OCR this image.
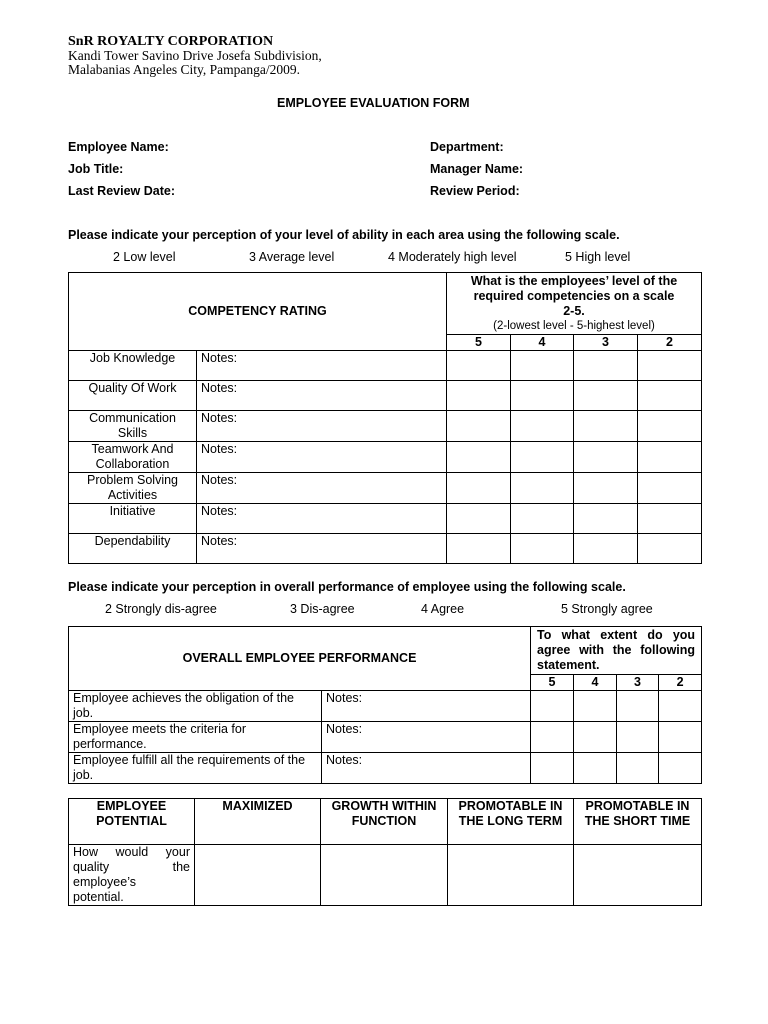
SnR ROYALTY CORPORATION
Kandi Tower Savino Drive Josefa Subdivision,
Malabanias Angeles City, Pampanga/2009.
EMPLOYEE EVALUATION FORM
Employee Name:	Department:
Job Title:	Manager Name:
Last Review Date:	Review Period:
Please indicate your perception of your level of ability in each area using the following scale.
2 Low level	3 Average level	4 Moderately high level	5 High level
COMPETENCY RATING		What is the employees’ level of the
required competencies on a scale
2-5.
(2-lowest level - 5-highest level)			

		5	4	3	2
Job Knowledge	Notes:				
Quality Of Work	Notes:				
Communication Skills	Notes:				
Teamwork And Collaboration	Notes:				
Problem Solving Activities	Notes:				
Initiative	Notes:				
Dependability	Notes:				
Please indicate your perception in overall performance of employee using the following scale.
2 Strongly dis-agree	3 Dis-agree	4 Agree	5 Strongly agree
OVERALL EMPLOYEE PERFORMANCE		To what extent do you agree with the following statement.			
		5	4	3	2
Employee achieves the obligation of the job.	Notes:				
Employee meets the criteria for performance.	Notes:				
Employee fulfill all the requirements of the job.	Notes:				
EMPLOYEE POTENTIAL	MAXIMIZED	GROWTH WITHIN FUNCTION	PROMOTABLE IN THE LONG TERM	PROMOTABLE IN THE SHORT TIME
How would your quality the employee’s potential.				
